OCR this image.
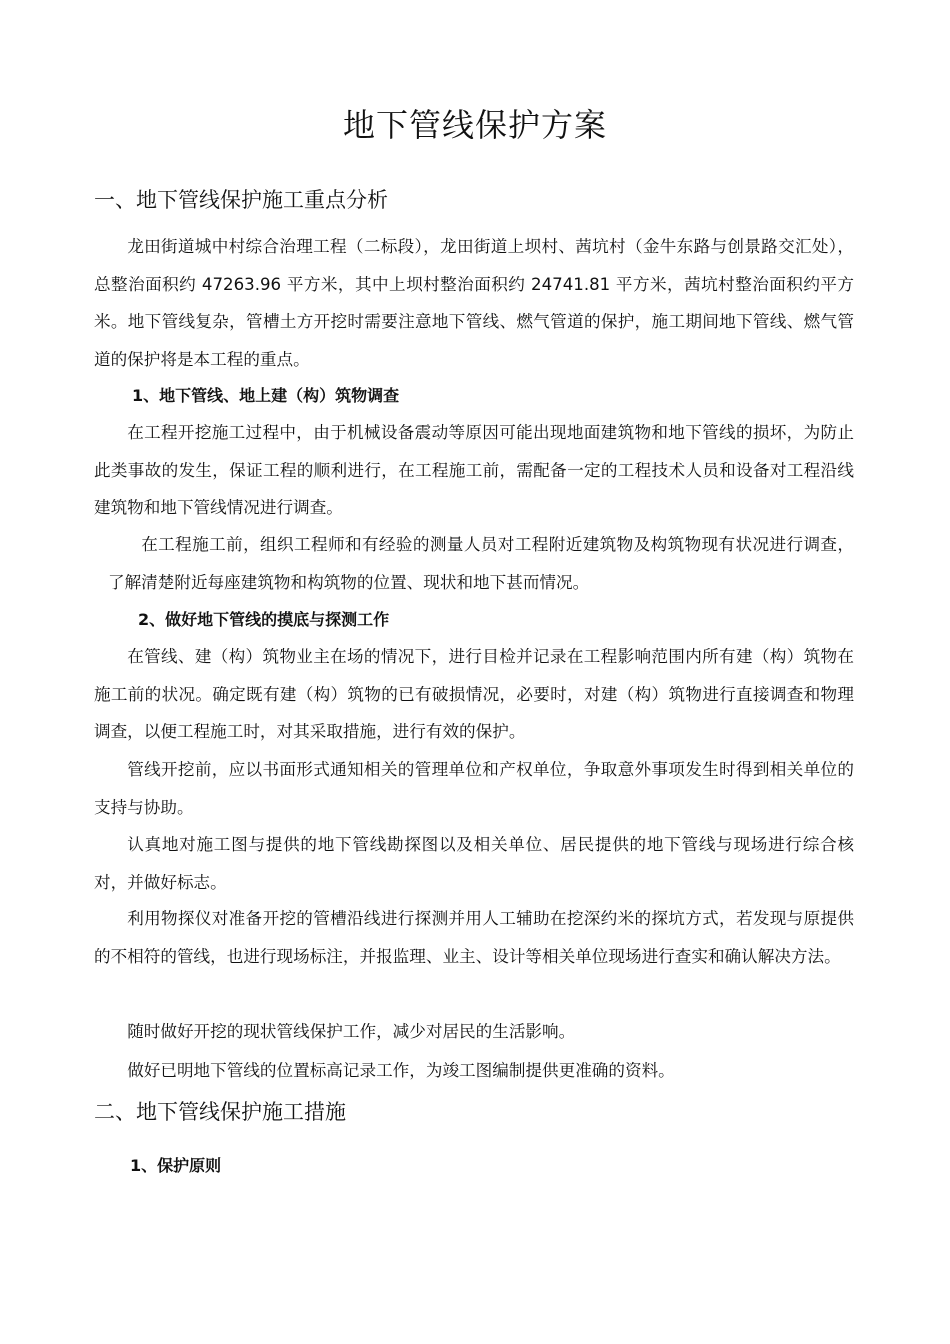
地下管线保护方案
一、地下管线保护施工重点分析

龙田街道城中村综合治理工程（二标段），龙田街道上坝村、茜坑村（金牛东路与创景路交汇处），总整治面积约 47263.96 平方米，其中上坝村整治面积约 24741.81 平方米，茜坑村整治面积约平方米。地下管线复杂，管槽土方开挖时需要注意地下管线、燃气管道的保护，施工期间地下管线、燃气管道的保护将是本工程的重点。

1、地下管线、地上建（构）筑物调查

在工程开挖施工过程中，由于机械设备震动等原因可能出现地面建筑物和地下管线的损坏，为防止此类事故的发生，保证工程的顺利进行，在工程施工前，需配备一定的工程技术人员和设备对工程沿线建筑物和地下管线情况进行调查。

在工程施工前，组织工程师和有经验的测量人员对工程附近建筑物及构筑物现有状况进行调查，了解清楚附近每座建筑物和构筑物的位置、现状和地下甚而情况。

2、做好地下管线的摸底与探测工作

在管线、建（构）筑物业主在场的情况下，进行目检并记录在工程影响范围内所有建（构）筑物在施工前的状况。确定既有建（构）筑物的已有破损情况，必要时，对建（构）筑物进行直接调查和物理调查，以便工程施工时，对其采取措施，进行有效的保护。

管线开挖前，应以书面形式通知相关的管理单位和产权单位，争取意外事项发生时得到相关单位的支持与协助。

认真地对施工图与提供的地下管线勘探图以及相关单位、居民提供的地下管线与现场进行综合核对，并做好标志。

利用物探仪对准备开挖的管槽沿线进行探测并用人工辅助在挖深约米的探坑方式，若发现与原提供的不相符的管线，也进行现场标注，并报监理、业主、设计等相关单位现场进行查实和确认解决方法。

随时做好开挖的现状管线保护工作，减少对居民的生活影响。

做好已明地下管线的位置标高记录工作，为竣工图编制提供更准确的资料。

二、地下管线保护施工措施
1、保护原则
